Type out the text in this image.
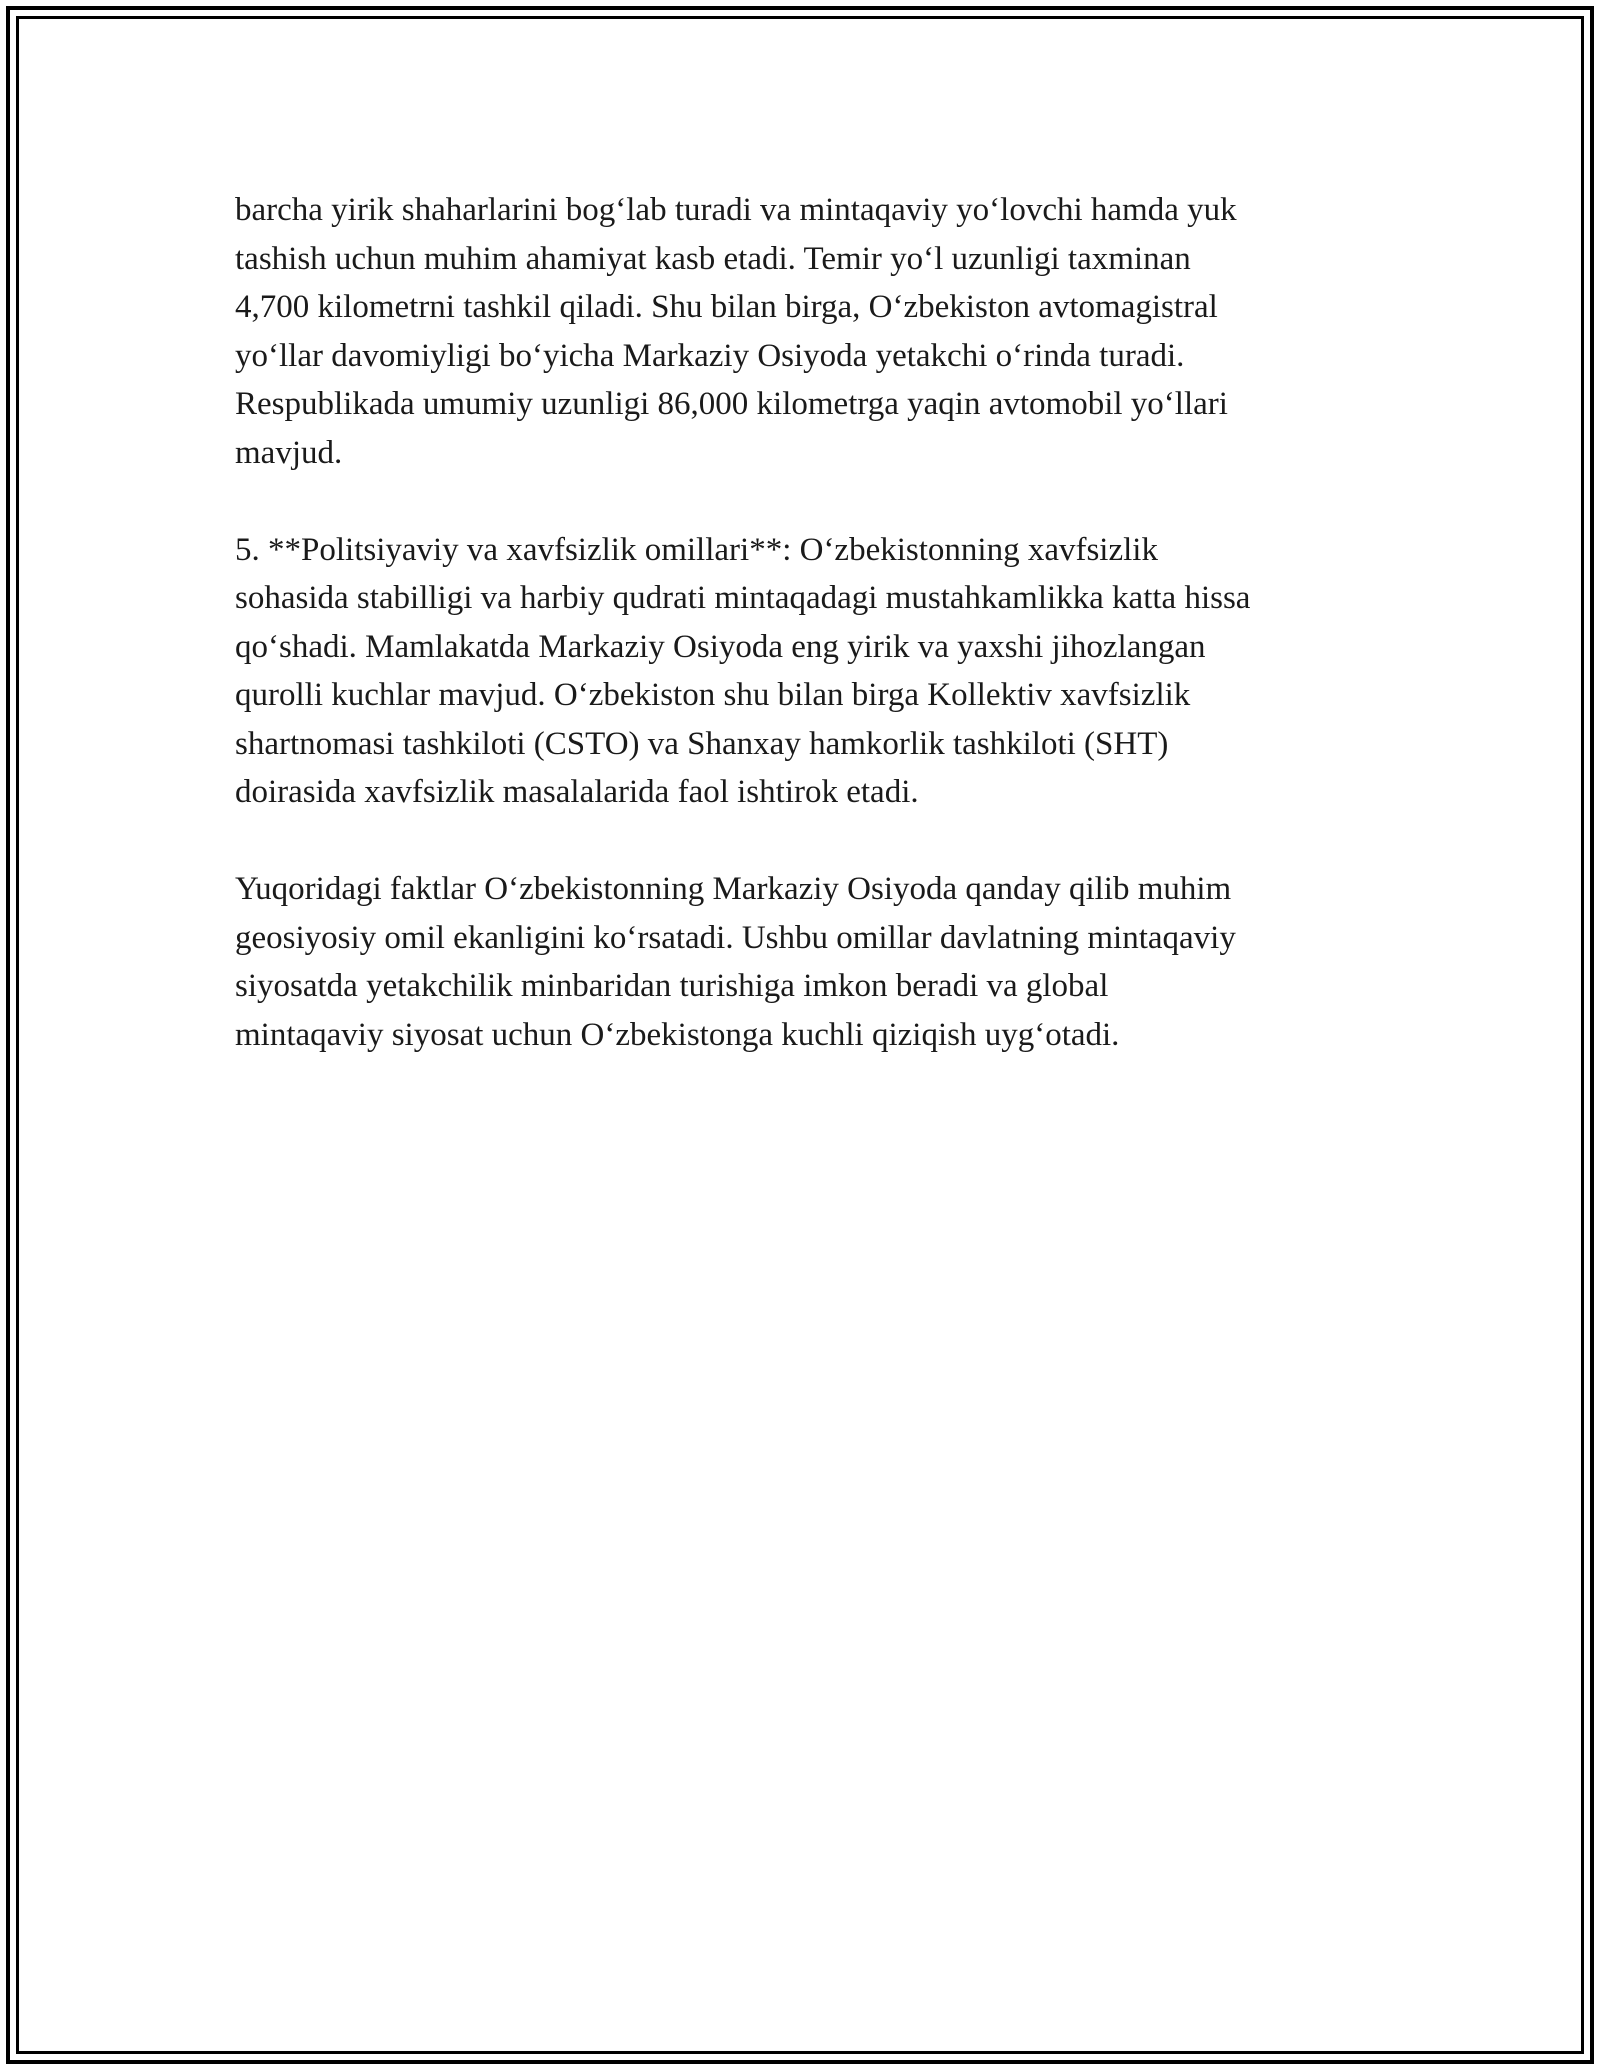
barcha yirik shaharlarini bog‘lab turadi va mintaqaviy yo‘lovchi hamda yuk
tashish uchun muhim ahamiyat kasb etadi. Temir yo‘l uzunligi taxminan
4,700 kilometrni tashkil qiladi. Shu bilan birga, O‘zbekiston avtomagistral
yo‘llar davomiyligi bo‘yicha Markaziy Osiyoda yetakchi o‘rinda turadi.
Respublikada umumiy uzunligi 86,000 kilometrga yaqin avtomobil yo‘llari
mavjud.

5. **Politsiyaviy va xavfsizlik omillari**: O‘zbekistonning xavfsizlik
sohasida stabilligi va harbiy qudrati mintaqadagi mustahkamlikka katta hissa
qo‘shadi. Mamlakatda Markaziy Osiyoda eng yirik va yaxshi jihozlangan
qurolli kuchlar mavjud. O‘zbekiston shu bilan birga Kollektiv xavfsizlik
shartnomasi tashkiloti (CSTO) va Shanxay hamkorlik tashkiloti (SHT)
doirasida xavfsizlik masalalarida faol ishtirok etadi.

Yuqoridagi faktlar O‘zbekistonning Markaziy Osiyoda qanday qilib muhim
geosiyosiy omil ekanligini ko‘rsatadi. Ushbu omillar davlatning mintaqaviy
siyosatda yetakchilik minbaridan turishiga imkon beradi va global
mintaqaviy siyosat uchun O‘zbekistonga kuchli qiziqish uyg‘otadi.
